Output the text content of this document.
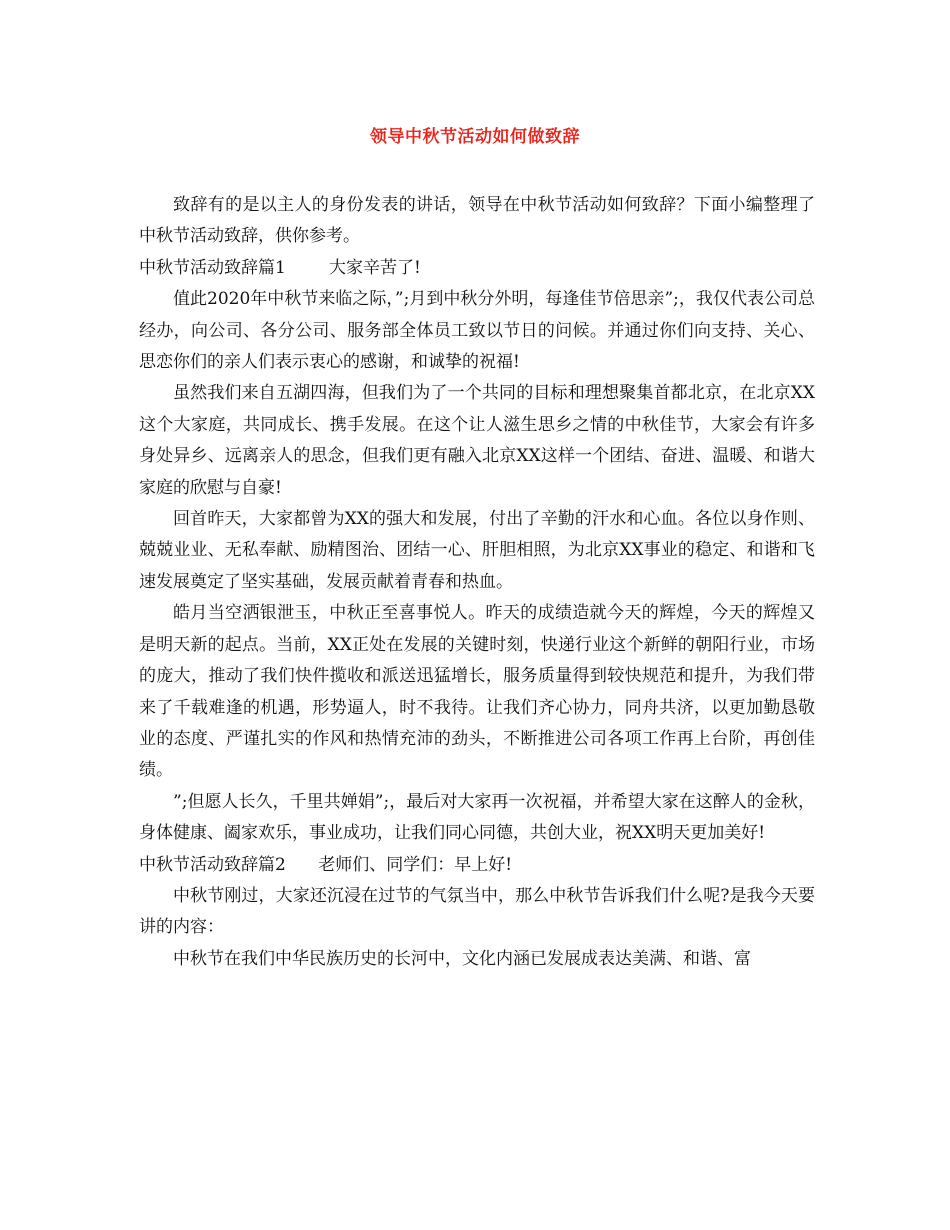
领导中秋节活动如何做致辞

致辞有的是以主人的身份发表的讲话，领导在中秋节活动如何致辞？下面小编整理了中秋节活动致辞，供你参考。

中秋节活动致辞篇1        大家辛苦了!

值此2020年中秋节来临之际，”;月到中秋分外明，每逢佳节倍思亲”;，我仅代表公司总经办，向公司、各分公司、服务部全体员工致以节日的问候。并通过你们向支持、关心、思恋你们的亲人们表示衷心的感谢，和诚挚的祝福!

虽然我们来自五湖四海，但我们为了一个共同的目标和理想聚集首都北京，在北京XX这个大家庭，共同成长、携手发展。在这个让人滋生思乡之情的中秋佳节，大家会有许多身处异乡、远离亲人的思念，但我们更有融入北京XX这样一个团结、奋进、温暖、和谐大家庭的欣慰与自豪!

回首昨天，大家都曾为XX的强大和发展，付出了辛勤的汗水和心血。各位以身作则、兢兢业业、无私奉献、励精图治、团结一心、肝胆相照，为北京XX事业的稳定、和谐和飞速发展奠定了坚实基础，发展贡献着青春和热血。

皓月当空洒银泄玉，中秋正至喜事悦人。昨天的成绩造就今天的辉煌，今天的辉煌又是明天新的起点。当前，XX正处在发展的关键时刻，快递行业这个新鲜的朝阳行业，市场的庞大，推动了我们快件揽收和派送迅猛增长，服务质量得到较快规范和提升，为我们带来了千载难逢的机遇，形势逼人，时不我待。让我们齐心协力，同舟共济，以更加勤恳敬业的态度、严谨扎实的作风和热情充沛的劲头，不断推进公司各项工作再上台阶，再创佳绩。

”;但愿人长久，千里共婵娟”;，最后对大家再一次祝福，并希望大家在这醉人的金秋，身体健康、阖家欢乐，事业成功，让我们同心同德，共创大业，祝XX明天更加美好!

中秋节活动致辞篇2      老师们、同学们：早上好!

中秋节刚过，大家还沉浸在过节的气氛当中，那么中秋节告诉我们什么呢?是我今天要讲的内容：

中秋节在我们中华民族历史的长河中，文化内涵已发展成表达美满、和谐、富
